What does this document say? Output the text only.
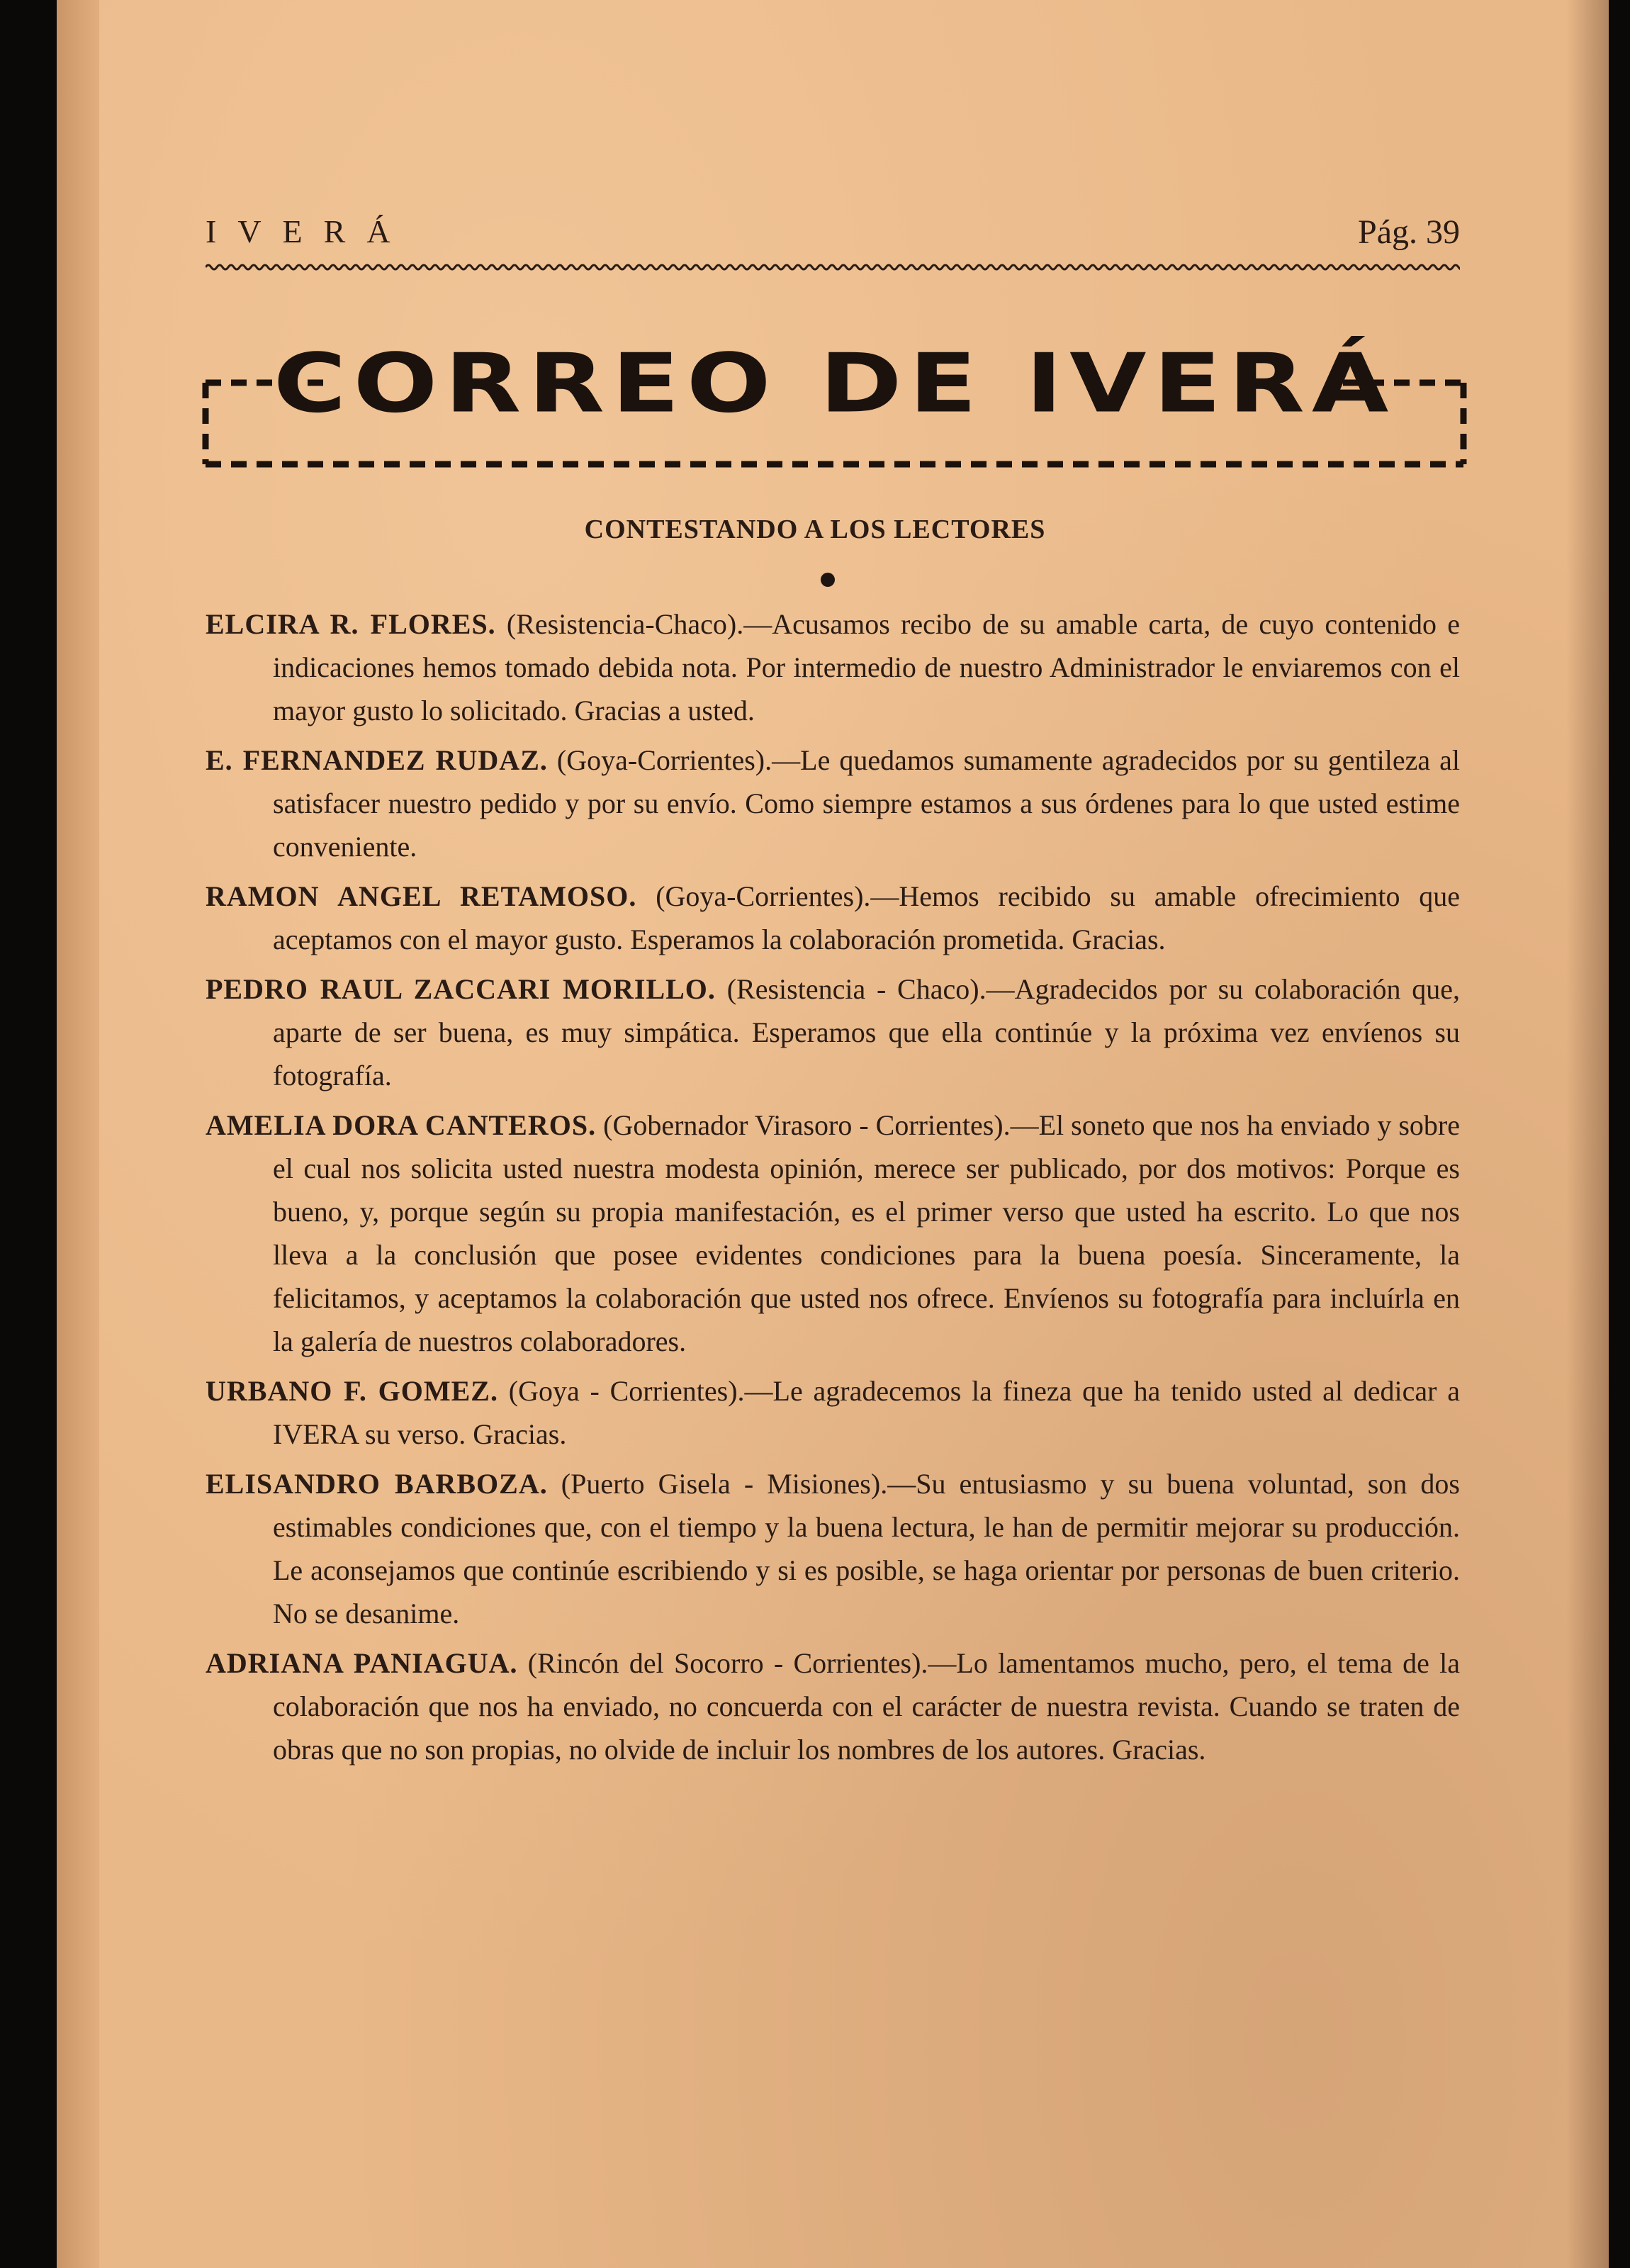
IVERÁ	Pág. 39
CORREO DE IVERÁ
CONTESTANDO A LOS LECTORES

ELCIRA R. FLORES. (Resistencia-Chaco).—Acusamos recibo de su amable carta, de cuyo contenido e indicaciones hemos tomado debida nota. Por intermedio de nuestro Administrador le enviaremos con el mayor gusto lo solicitado. Gracias a usted.

E. FERNANDEZ RUDAZ. (Goya-Corrientes).—Le quedamos sumamente agradecidos por su gentileza al satisfacer nuestro pedido y por su envío. Como siempre estamos a sus órdenes para lo que usted estime conveniente.

RAMON ANGEL RETAMOSO. (Goya-Corrientes).—Hemos recibido su amable ofrecimiento que aceptamos con el mayor gusto. Esperamos la colaboración prometida. Gracias.

PEDRO RAUL ZACCARI MORILLO. (Resistencia - Chaco).—Agradecidos por su colaboración que, aparte de ser buena, es muy simpática. Esperamos que ella continúe y la próxima vez envíenos su fotografía.

AMELIA DORA CANTEROS. (Gobernador Virasoro - Corrientes).—El soneto que nos ha enviado y sobre el cual nos solicita usted nuestra modesta opinión, merece ser publicado, por dos motivos: Porque es bueno, y, porque según su propia manifestación, es el primer verso que usted ha escrito. Lo que nos lleva a la conclusión que posee evidentes condiciones para la buena poesía. Sinceramente, la felicitamos, y aceptamos la colaboración que usted nos ofrece. Envíenos su fotografía para incluírla en la galería de nuestros colaboradores.

URBANO F. GOMEZ. (Goya - Corrientes).—Le agradecemos la fineza que ha tenido usted al dedicar a IVERA su verso. Gracias.

ELISANDRO BARBOZA. (Puerto Gisela - Misiones).—Su entusiasmo y su buena voluntad, son dos estimables condiciones que, con el tiempo y la buena lectura, le han de permitir mejorar su producción. Le aconsejamos que continúe escribiendo y si es posible, se haga orientar por personas de buen criterio. No se desanime.

ADRIANA PANIAGUA. (Rincón del Socorro - Corrientes).—Lo lamentamos mucho, pero, el tema de la colaboración que nos ha enviado, no concuerda con el carácter de nuestra revista. Cuando se traten de obras que no son propias, no olvide de incluir los nombres de los autores. Gracias.
